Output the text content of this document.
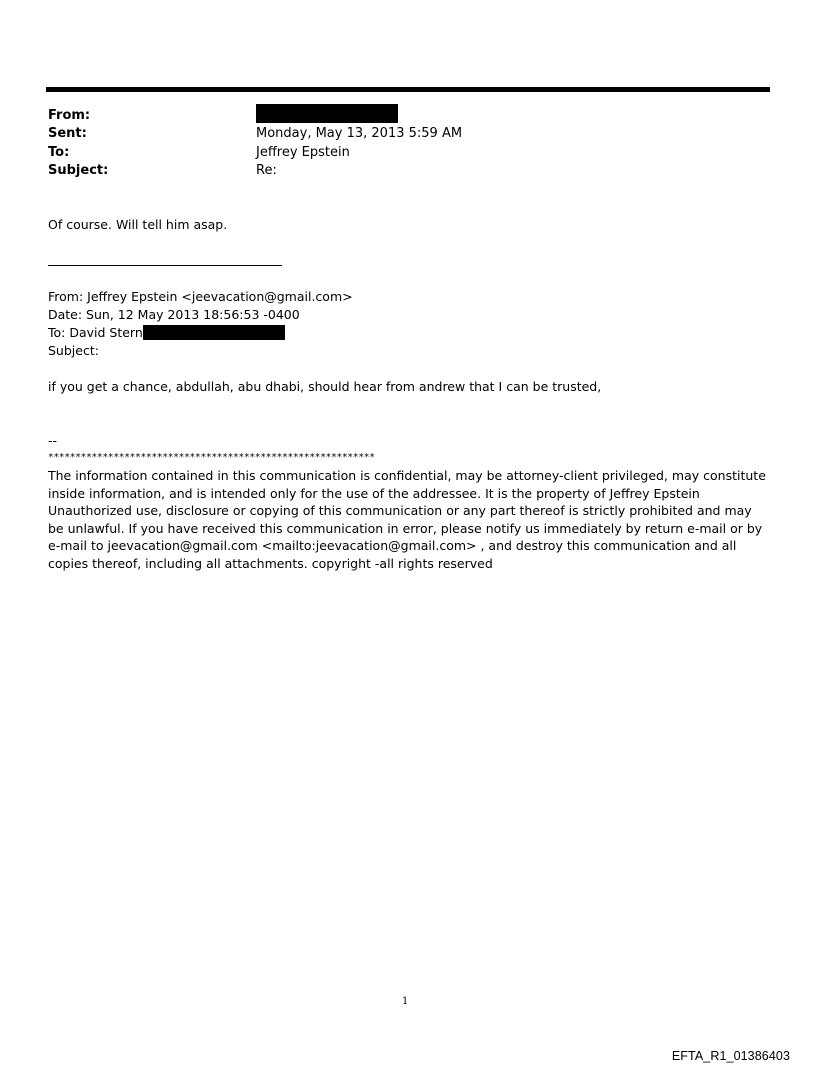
From:
Sent:	Monday, May 13, 2013 5:59 AM
To:	Jeffrey Epstein
Subject:	Re:
Of course. Will tell him asap.
From: Jeffrey Epstein <jeevacation@gmail.com>
Date: Sun, 12 May 2013 18:56:53 -0400
To: David Stern
Subject:
if you get a chance, abdullah, abu dhabi, should hear from andrew that I can be trusted,
--
************************************************************
The information contained in this communication is confidential, may be attorney-client privileged, may constitute inside information, and is intended only for the use of the addressee. It is the property of Jeffrey Epstein Unauthorized use, disclosure or copying of this communication or any part thereof is strictly prohibited and may be unlawful. If you have received this communication in error, please notify us immediately by return e-mail or by e-mail to jeevacation@gmail.com <mailto:jeevacation@gmail.com> , and destroy this communication and all copies thereof, including all attachments. copyright -all rights reserved
1
EFTA_R1_01386403
